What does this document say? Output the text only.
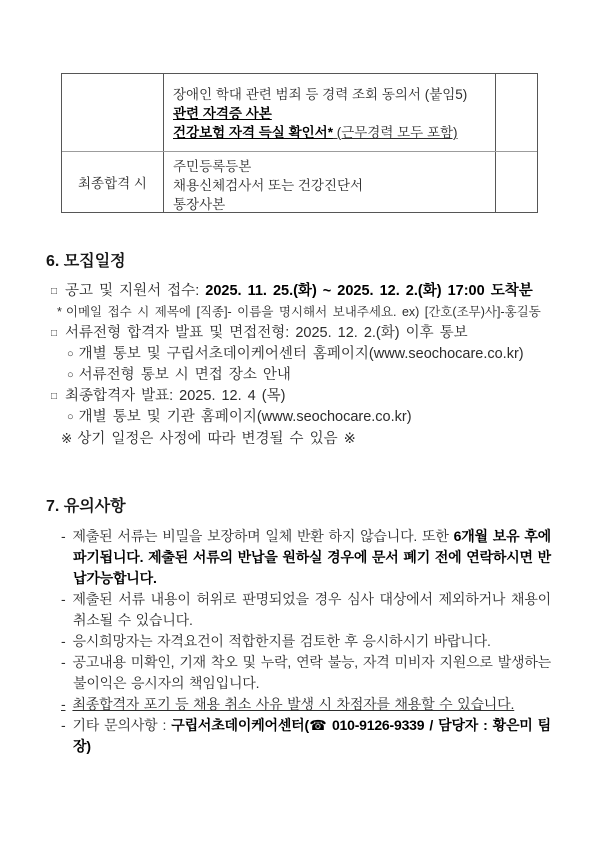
장애인 학대 관련 범죄 등 경력 조회 동의서 (붙임5)
관련 자격증 사본
건강보험 자격 득실 확인서* (근무경력 모두 포함)
최종합격 시
주민등록등본
채용신체검사서 또는 건강진단서
통장사본
6. 모집일정
□ 공고 및 지원서 접수: 2025. 11. 25.(화) ~ 2025. 12. 2.(화) 17:00 도착분
* 이메일 접수 시 제목에 [직종]- 이름을 명시해서 보내주세요. ex) [간호(조무)사]-홍길동
□ 서류전형 합격자 발표 및 면접전형: 2025. 12. 2.(화) 이후 통보
○ 개별 통보 및 구립서초데이케어센터 홈페이지(www.seochocare.co.kr)
○ 서류전형 통보 시 면접 장소 안내
□ 최종합격자 발표: 2025. 12. 4 (목)
○ 개별 통보 및 기관 홈페이지(www.seochocare.co.kr)
※ 상기 일정은 사정에 따라 변경될 수 있음 ※
7. 유의사항
- 제출된 서류는 비밀을 보장하며 일체 반환 하지 않습니다. 또한 6개월 보유 후에 파기됩니다. 제출된 서류의 반납을 원하실 경우에 문서 폐기 전에 연락하시면 반납가능합니다.
- 제출된 서류 내용이 허위로 판명되었을 경우 심사 대상에서 제외하거나 채용이 취소될 수 있습니다.
- 응시희망자는 자격요건이 적합한지를 검토한 후 응시하시기 바랍니다.
- 공고내용 미확인, 기재 착오 및 누락, 연락 불능, 자격 미비자 지원으로 발생하는 불이익은 응시자의 책임입니다.
- 최종합격자 포기 등 채용 취소 사유 발생 시 차점자를 채용할 수 있습니다.
- 기타 문의사항 : 구립서초데이케어센터(☎ 010-9126-9339 / 담당자 : 황은미 팀장)
